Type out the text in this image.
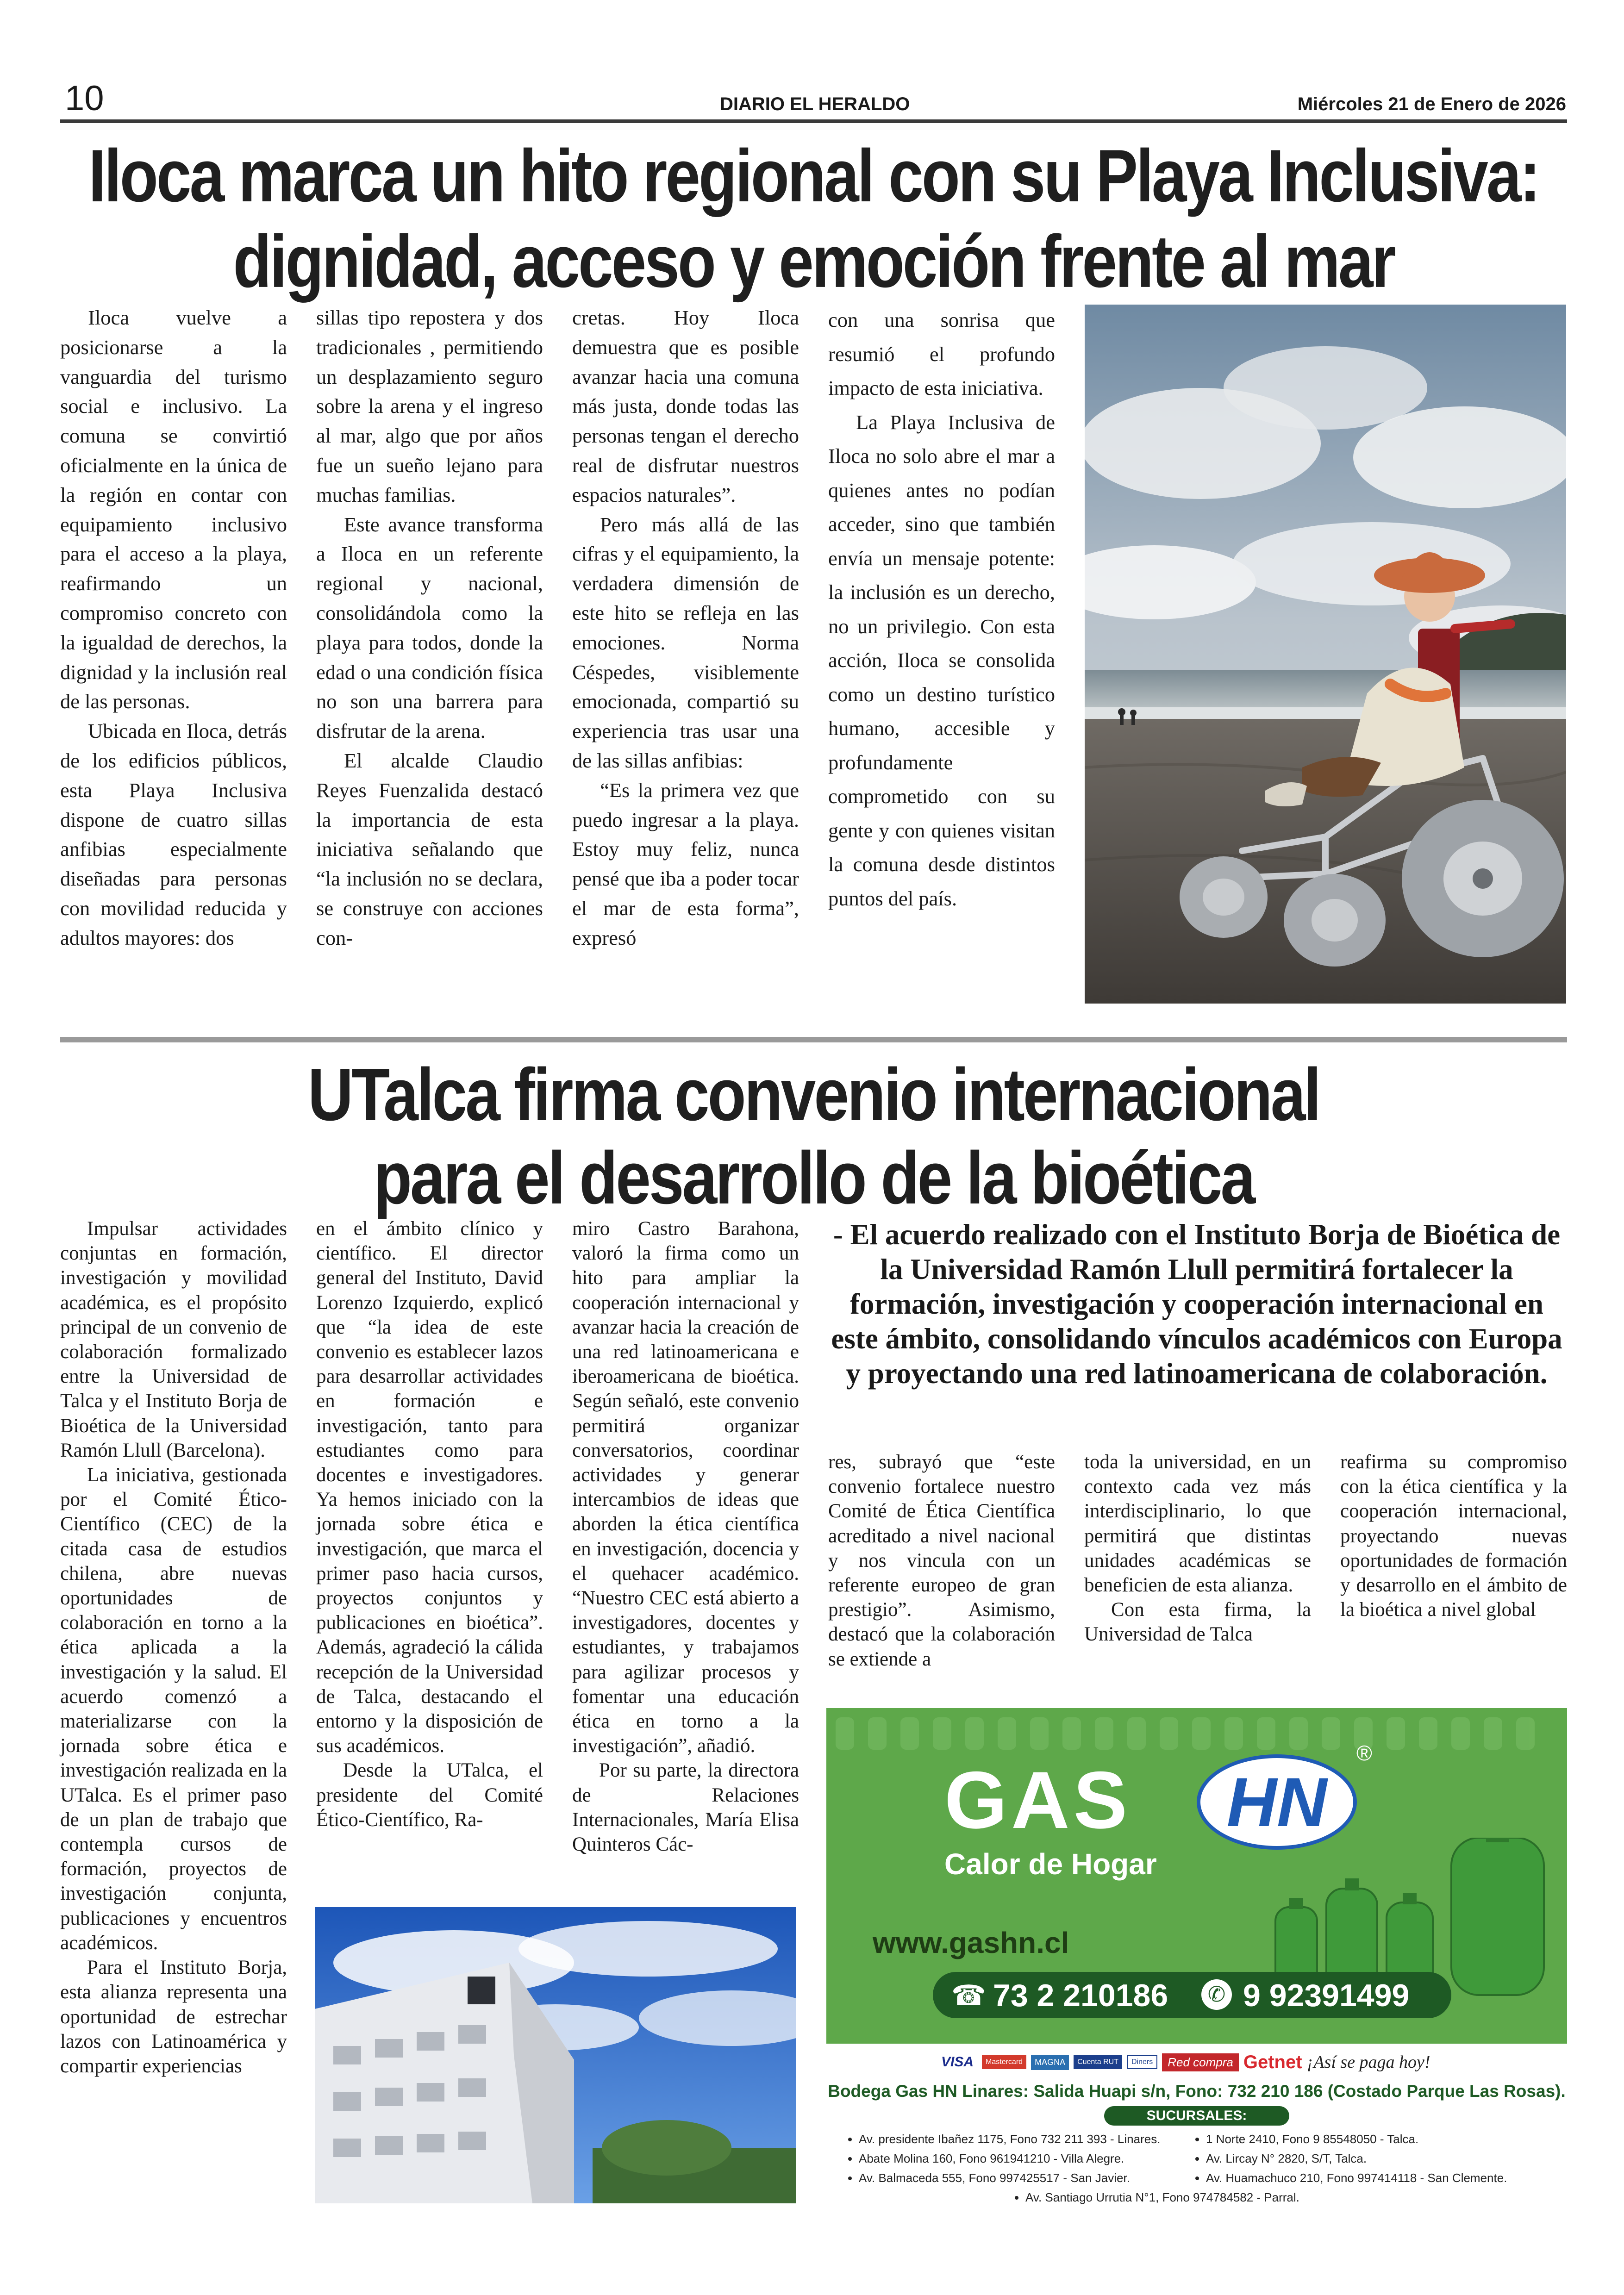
10	DIARIO EL HERALDO	Miércoles 21 de Enero de 2026
Iloca marca un hito regional con su Playa Inclusiva:
dignidad, acceso y emoción frente al mar

Iloca vuelve a posicionarse a la vanguardia del turismo social e inclusivo. La comuna se convirtió oficialmente en la única de la región en contar con equipamiento inclusivo para el acceso a la playa, reafirmando un compromiso concreto con la igualdad de derechos, la dignidad y la inclusión real de las personas.

Ubicada en Iloca, detrás de los edificios públicos, esta Playa Inclusiva dispone de cuatro sillas anfibias especialmente diseñadas para personas con movilidad reducida y adultos mayores: dos

sillas tipo repostera y dos tradicionales , permitiendo un desplazamiento seguro sobre la arena y el ingreso al mar, algo que por años fue un sueño lejano para muchas familias.

Este avance transforma a Iloca en un referente regional y nacional, consolidándola como la playa para todos, donde la edad o una condición física no son una barrera para disfrutar de la arena.

El alcalde Claudio Reyes Fuenzalida destacó la importancia de esta iniciativa señalando que “la inclusión no se declara, se construye con acciones con-

cretas. Hoy Iloca demuestra que es posible avanzar hacia una comuna más justa, donde todas las personas tengan el derecho real de disfrutar nuestros espacios naturales”.

Pero más allá de las cifras y el equipamiento, la verdadera dimensión de este hito se refleja en las emociones. Norma Céspedes, visiblemente emocionada, compartió su experiencia tras usar una de las sillas anfibias:

“Es la primera vez que puedo ingresar a la playa. Estoy muy feliz, nunca pensé que iba a poder tocar el mar de esta forma”, expresó

con una sonrisa que resumió el profundo impacto de esta iniciativa.

La Playa Inclusiva de Iloca no solo abre el mar a quienes antes no podían acceder, sino que también envía un mensaje potente: la inclusión es un derecho, no un privilegio. Con esta acción, Iloca se consolida como un destino turístico humano, accesible y profundamente comprometido con su gente y con quienes visitan la comuna desde distintos puntos del país.

UTalca firma convenio internacional
para el desarrollo de la bioética

Impulsar actividades conjuntas en formación, investigación y movilidad académica, es el propósito principal de un convenio de colaboración formalizado entre la Universidad de Talca y el Instituto Borja de Bioética de la Universidad Ramón Llull (Barcelona).

La iniciativa, gestionada por el Comité Ético-Científico (CEC) de la citada casa de estudios chilena, abre nuevas oportunidades de colaboración en torno a la ética aplicada a la investigación y la salud. El acuerdo comenzó a materializarse con la jornada sobre ética e investigación realizada en la UTalca. Es el primer paso de un plan de trabajo que contempla cursos de formación, proyectos de investigación conjunta, publicaciones y encuentros académicos.

Para el Instituto Borja, esta alianza representa una oportunidad de estrechar lazos con Latinoamérica y compartir experiencias

en el ámbito clínico y científico. El director general del Instituto, David Lorenzo Izquierdo, explicó que “la idea de este convenio es establecer lazos para desarrollar actividades en formación e investigación, tanto para estudiantes como para docentes e investigadores. Ya hemos iniciado con la jornada sobre ética e investigación, que marca el primer paso hacia cursos, proyectos conjuntos y publicaciones en bioética”. Además, agradeció la cálida recepción de la Universidad de Talca, destacando el entorno y la disposición de sus académicos.

Desde la UTalca, el presidente del Comité Ético-Científico, Ra-

miro Castro Barahona, valoró la firma como un hito para ampliar la cooperación internacional y avanzar hacia la creación de una red latinoamericana e iberoamericana de bioética. Según señaló, este convenio permitirá organizar conversatorios, coordinar actividades y generar intercambios de ideas que aborden la ética científica en investigación, docencia y el quehacer académico. “Nuestro CEC está abierto a investigadores, docentes y estudiantes, y trabajamos para agilizar procesos y fomentar una educación ética en torno a la investigación”, añadió.

Por su parte, la directora de Relaciones Internacionales, María Elisa Quinteros Các-

- El acuerdo realizado con el Instituto Borja de Bioética de la Universidad Ramón Llull permitirá fortalecer la formación, investigación y cooperación internacional en este ámbito, consolidando vínculos académicos con Europa y proyectando una red latinoamericana de colaboración.

res, subrayó que “este convenio fortalece nuestro Comité de Ética Científica acreditado a nivel nacional y nos vincula con un referente europeo de gran prestigio”. Asimismo, destacó que la colaboración se extiende a

toda la universidad, en un contexto cada vez más interdisciplinario, lo que permitirá que distintas unidades académicas se beneficien de esta alianza.

Con esta firma, la Universidad de Talca

reafirma su compromiso con la ética científica y la cooperación internacional, proyectando nuevas oportunidades de formación y desarrollo en el ámbito de la bioética a nivel global

GAS	HN
®
Calor de Hogar
www.gashn.cl
☎ 73 2 210186 ✆ 9 92391499
VISA	Mastercard	MAGNA	Cuenta RUT	Diners	Red compra Getnet ¡Así se paga hoy!
Bodega Gas HN Linares: Salida Huapi s/n, Fono: 732 210 186 (Costado Parque Las Rosas).
SUCURSALES:
• Av. presidente Ibañez 1175, Fono 732 211 393 - Linares.
• Abate Molina 160, Fono 961941210 - Villa Alegre.
• Av. Balmaceda 555, Fono 997425517 - San Javier.
• 1 Norte 2410, Fono 9 85548050 - Talca.
• Av. Lircay N° 2820, S/T, Talca.
• Av. Huamachuco 210, Fono 997414118 - San Clemente.
• Av. Santiago Urrutia N°1, Fono 974784582 - Parral.
